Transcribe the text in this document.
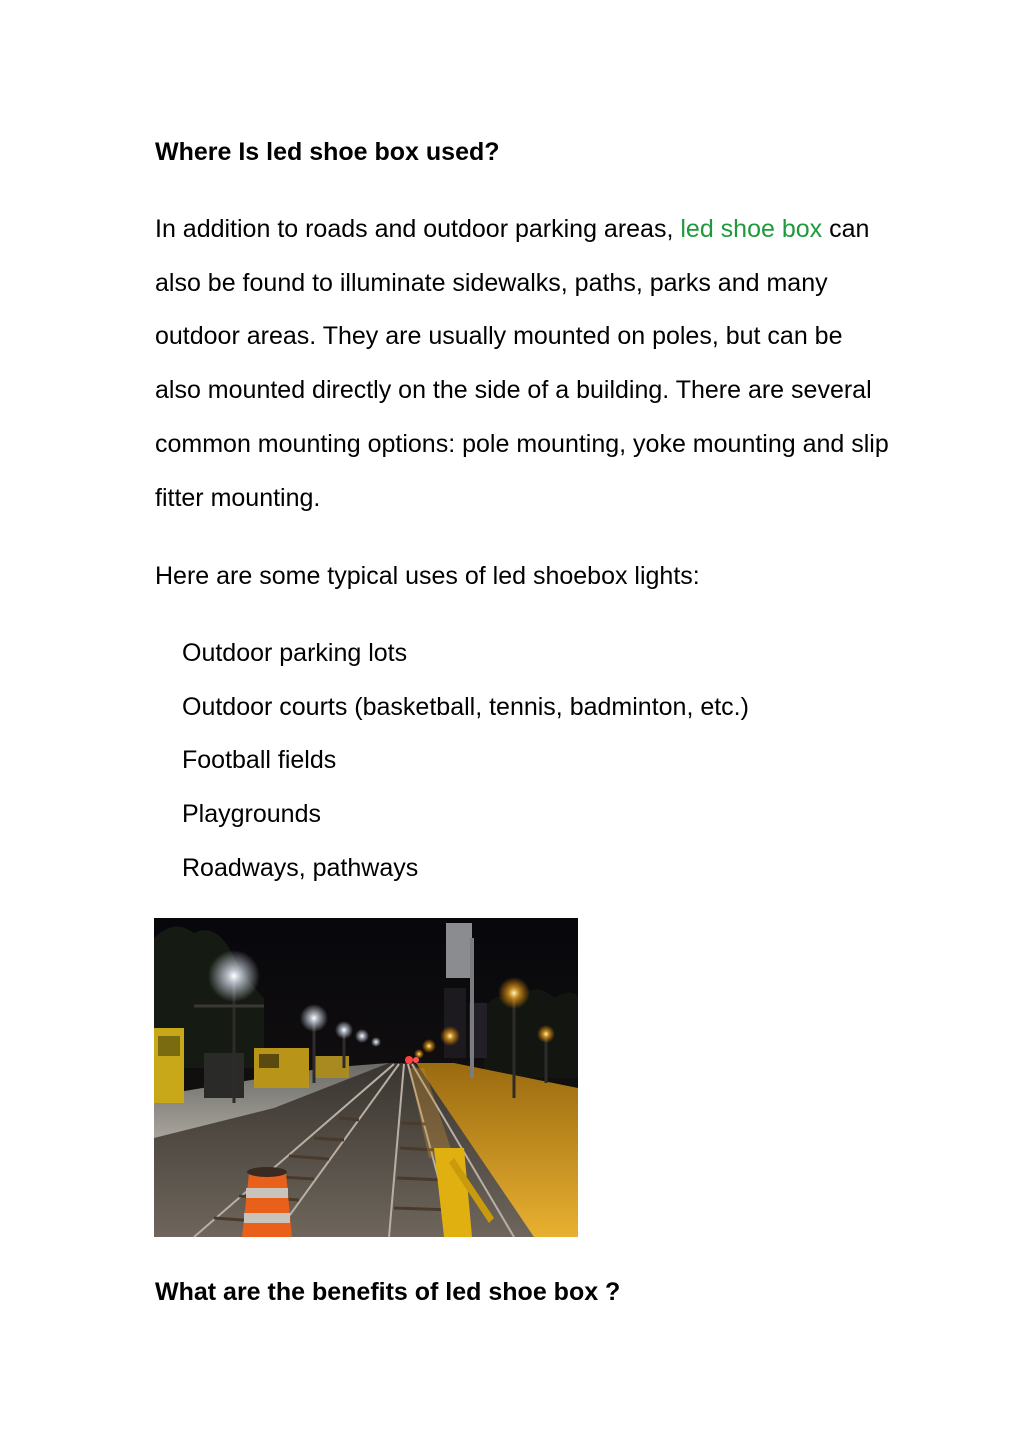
Where Is led shoe box used?

In addition to roads and outdoor parking areas, led shoe box can also be found to illuminate sidewalks, paths, parks and many outdoor areas. They are usually mounted on poles, but can be also mounted directly on the side of a building. There are several common mounting options: pole mounting, yoke mounting and slip fitter mounting.

Here are some typical uses of led shoebox lights:

Outdoor parking lots
Outdoor courts (basketball, tennis, badminton, etc.)
Football fields
Playgrounds
Roadways, pathways
What are the benefits of led shoe box ?
